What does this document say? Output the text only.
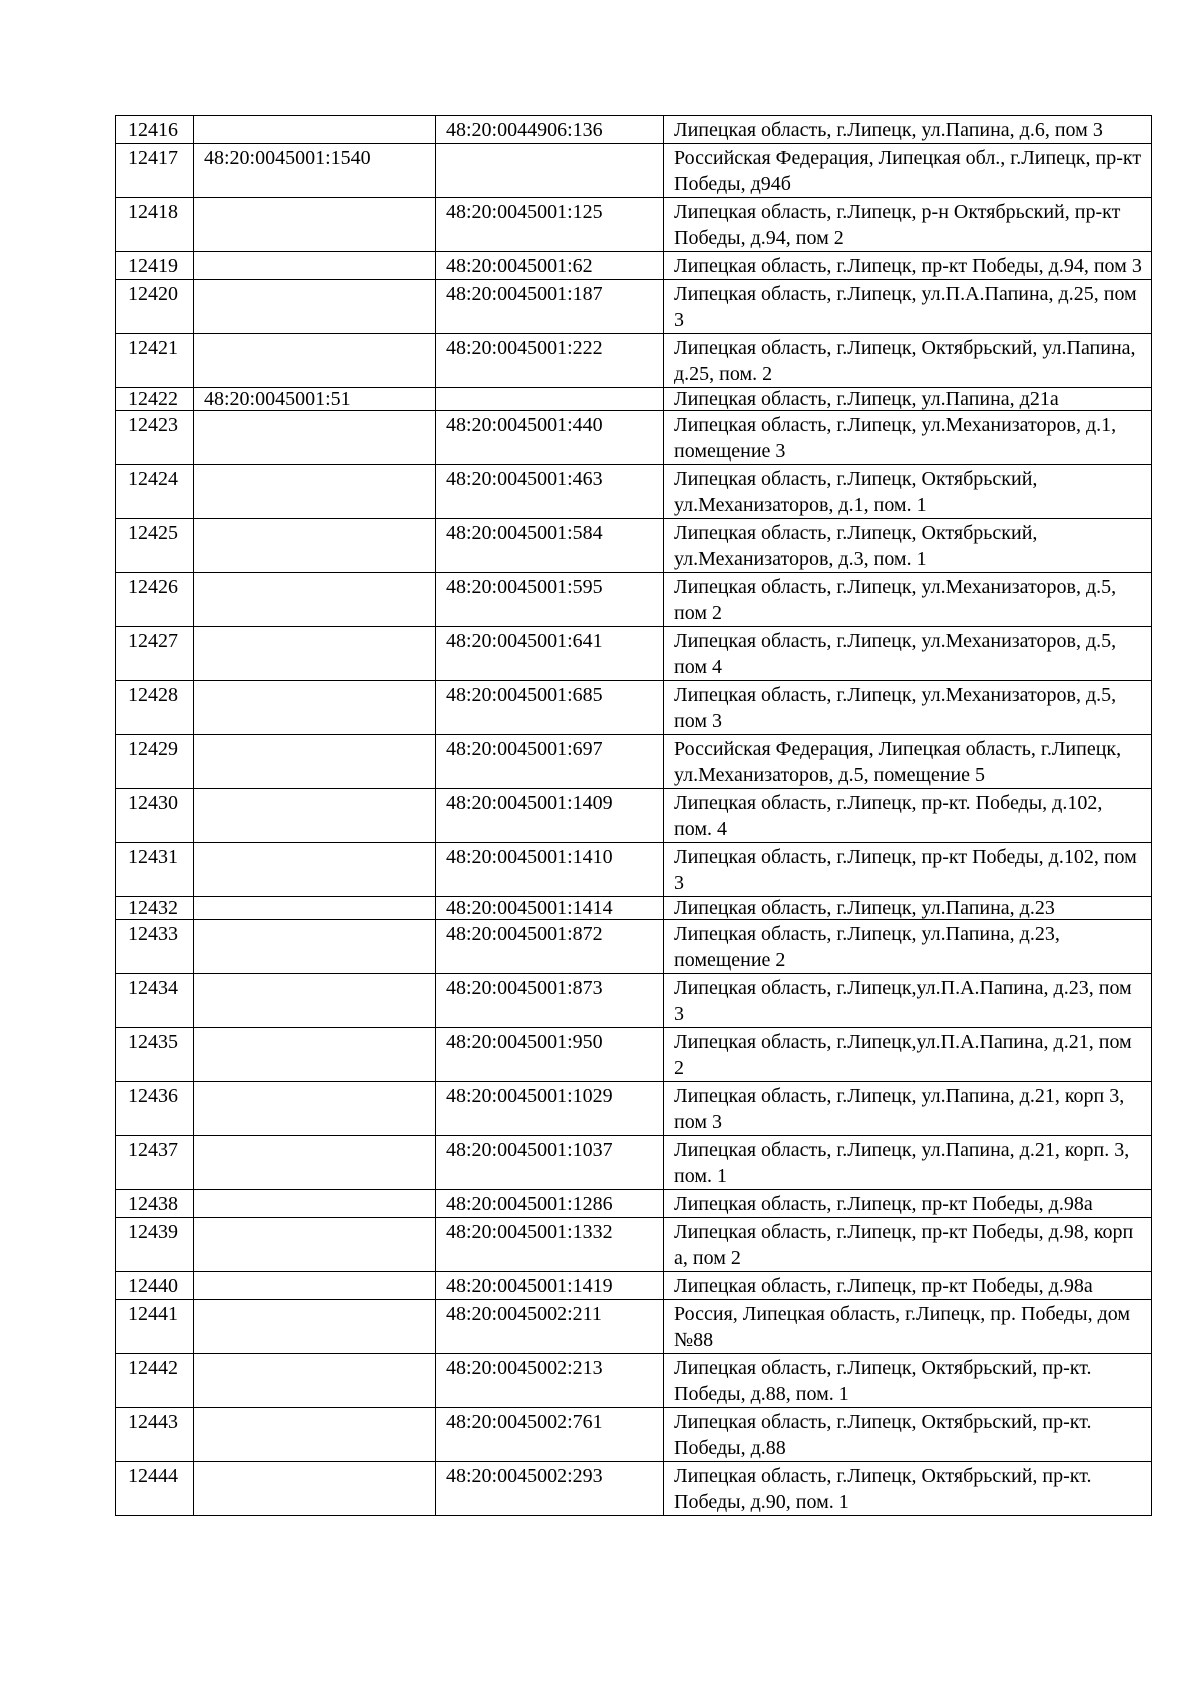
12416		48:20:0044906:136	Липецкая область, г.Липецк, ул.Папина, д.6, пом 3
12417	48:20:0045001:1540		Российская Федерация, Липецкая обл., г.Липецк, пр-кт Победы, д94б
12418		48:20:0045001:125	Липецкая область, г.Липецк, р-н Октябрьский, пр-кт Победы, д.94, пом 2
12419		48:20:0045001:62	Липецкая область, г.Липецк, пр-кт Победы, д.94, пом 3
12420		48:20:0045001:187	Липецкая область, г.Липецк, ул.П.А.Папина, д.25, пом 3
12421		48:20:0045001:222	Липецкая область, г.Липецк, Октябрьский, ул.Папина, д.25, пом. 2
12422	48:20:0045001:51		Липецкая область, г.Липецк, ул.Папина, д21а
12423		48:20:0045001:440	Липецкая область, г.Липецк, ул.Механизаторов, д.1, помещение 3
12424		48:20:0045001:463	Липецкая область, г.Липецк, Октябрьский, ул.Механизаторов, д.1, пом. 1
12425		48:20:0045001:584	Липецкая область, г.Липецк, Октябрьский, ул.Механизаторов, д.3, пом. 1
12426		48:20:0045001:595	Липецкая область, г.Липецк, ул.Механизаторов, д.5, пом 2
12427		48:20:0045001:641	Липецкая область, г.Липецк, ул.Механизаторов, д.5, пом 4
12428		48:20:0045001:685	Липецкая область, г.Липецк, ул.Механизаторов, д.5, пом 3
12429		48:20:0045001:697	Российская Федерация, Липецкая область, г.Липецк, ул.Механизаторов, д.5, помещение 5
12430		48:20:0045001:1409	Липецкая область, г.Липецк, пр-кт. Победы, д.102, пом. 4
12431		48:20:0045001:1410	Липецкая область, г.Липецк, пр-кт Победы, д.102, пом 3
12432		48:20:0045001:1414	Липецкая область, г.Липецк, ул.Папина, д.23
12433		48:20:0045001:872	Липецкая область, г.Липецк, ул.Папина, д.23, помещение 2
12434		48:20:0045001:873	Липецкая область, г.Липецк,ул.П.А.Папина, д.23, пом 3
12435		48:20:0045001:950	Липецкая область, г.Липецк,ул.П.А.Папина, д.21, пом 2
12436		48:20:0045001:1029	Липецкая область, г.Липецк, ул.Папина, д.21, корп 3, пом 3
12437		48:20:0045001:1037	Липецкая область, г.Липецк, ул.Папина, д.21, корп. 3, пом. 1
12438		48:20:0045001:1286	Липецкая область, г.Липецк, пр-кт Победы, д.98а
12439		48:20:0045001:1332	Липецкая область, г.Липецк, пр-кт Победы, д.98, корп а, пом 2
12440		48:20:0045001:1419	Липецкая область, г.Липецк, пр-кт Победы, д.98а
12441		48:20:0045002:211	Россия, Липецкая область, г.Липецк, пр. Победы, дом №88
12442		48:20:0045002:213	Липецкая область, г.Липецк, Октябрьский, пр-кт. Победы, д.88, пом. 1
12443		48:20:0045002:761	Липецкая область, г.Липецк, Октябрьский, пр-кт. Победы, д.88
12444		48:20:0045002:293	Липецкая область, г.Липецк, Октябрьский, пр-кт. Победы, д.90, пом. 1
